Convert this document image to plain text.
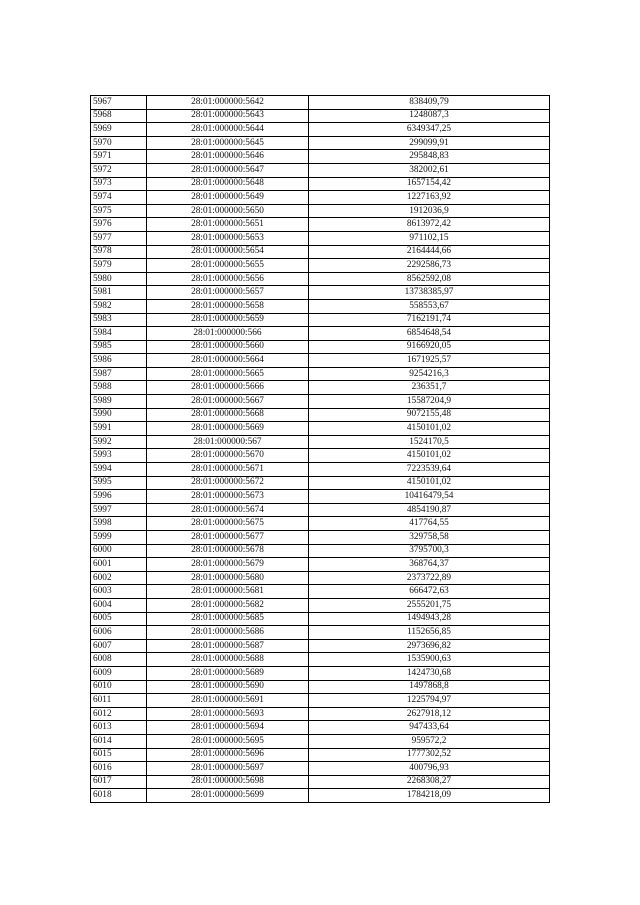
5967	28:01:000000:5642	838409,79
5968	28:01:000000:5643	1248087,3
5969	28:01:000000:5644	6349347,25
5970	28:01:000000:5645	299099,91
5971	28:01:000000:5646	295848,83
5972	28:01:000000:5647	382002,61
5973	28:01:000000:5648	1657154,42
5974	28:01:000000:5649	1227163,92
5975	28:01:000000:5650	1912036,9
5976	28:01:000000:5651	8613972,42
5977	28:01:000000:5653	971102,15
5978	28:01:000000:5654	2164444,66
5979	28:01:000000:5655	2292586,73
5980	28:01:000000:5656	8562592,08
5981	28:01:000000:5657	13738385,97
5982	28:01:000000:5658	558553,67
5983	28:01:000000:5659	7162191,74
5984	28:01:000000:566	6854648,54
5985	28:01:000000:5660	9166920,05
5986	28:01:000000:5664	1671925,57
5987	28:01:000000:5665	9254216,3
5988	28:01:000000:5666	236351,7
5989	28:01:000000:5667	15587204,9
5990	28:01:000000:5668	9072155,48
5991	28:01:000000:5669	4150101,02
5992	28:01:000000:567	1524170,5
5993	28:01:000000:5670	4150101,02
5994	28:01:000000:5671	7223539,64
5995	28:01:000000:5672	4150101,02
5996	28:01:000000:5673	10416479,54
5997	28:01:000000:5674	4854190,87
5998	28:01:000000:5675	417764,55
5999	28:01:000000:5677	329758,58
6000	28:01:000000:5678	3795700,3
6001	28:01:000000:5679	368764,37
6002	28:01:000000:5680	2373722,89
6003	28:01:000000:5681	666472,63
6004	28:01:000000:5682	2555201,75
6005	28:01:000000:5685	1494943,28
6006	28:01:000000:5686	1152656,85
6007	28:01:000000:5687	2973696,82
6008	28:01:000000:5688	1535900,63
6009	28:01:000000:5689	1424730,68
6010	28:01:000000:5690	1497868,8
6011	28:01:000000:5691	1225794,97
6012	28:01:000000:5693	2627918,12
6013	28:01:000000:5694	947433,64
6014	28:01:000000:5695	959572,2
6015	28:01:000000:5696	1777302,52
6016	28:01:000000:5697	400796,93
6017	28:01:000000:5698	2268308,27
6018	28:01:000000:5699	1784218,09
